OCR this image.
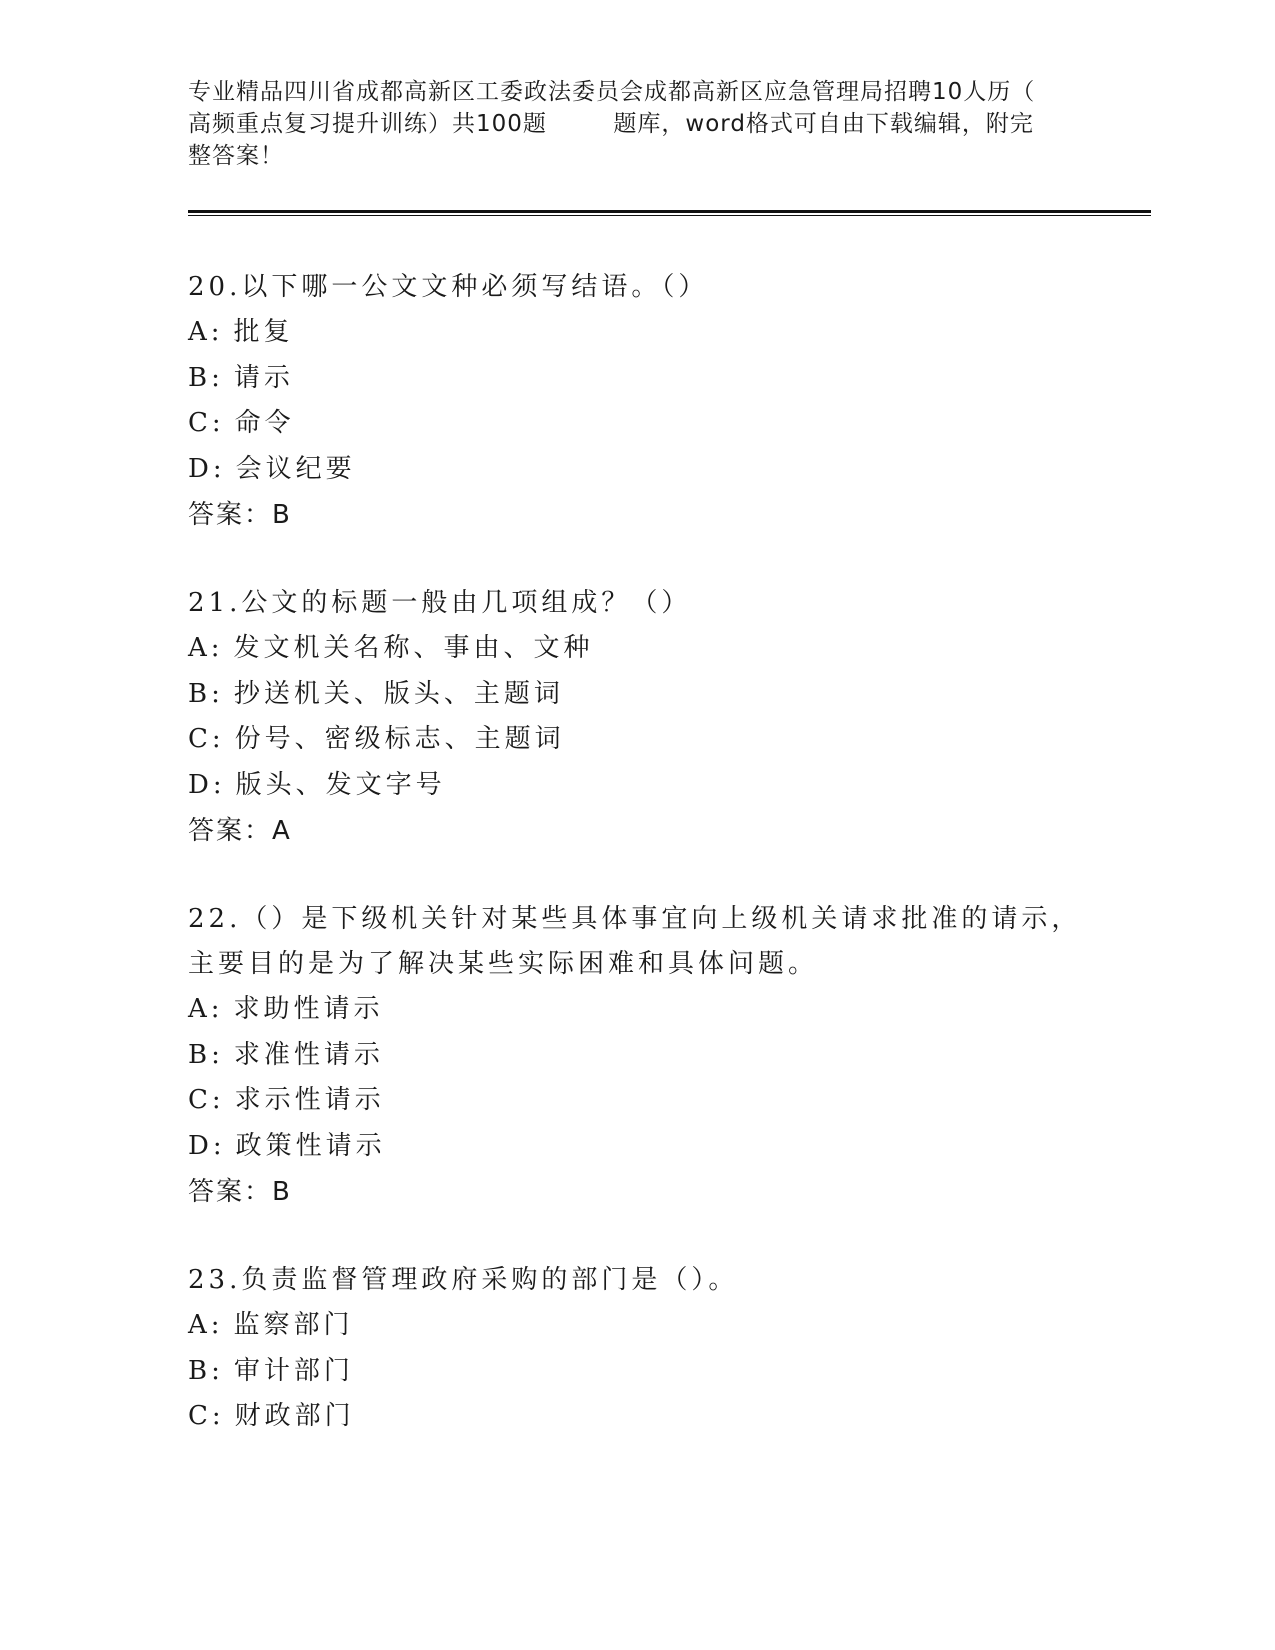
专业精品四川省成都高新区工委政法委员会成都高新区应急管理局招聘10人历（
高频重点复习提升训练）共100题        题库，word格式可自由下载编辑，附完
整答案！

20.以下哪一公文文种必须写结语。（）

A: 批复
B: 请示
C: 命令
D: 会议纪要
答案：B

21.公文的标题一般由几项组成？（）

A: 发文机关名称、事由、文种
B: 抄送机关、版头、主题词
C: 份号、密级标志、主题词
D: 版头、发文字号
答案：A

22.（）是下级机关针对某些具体事宜向上级机关请求批准的请示，主要目的是为了解决某些实际困难和具体问题。

A: 求助性请示
B: 求准性请示
C: 求示性请示
D: 政策性请示
答案：B

23.负责监督管理政府采购的部门是（）。

A: 监察部门
B: 审计部门
C: 财政部门
